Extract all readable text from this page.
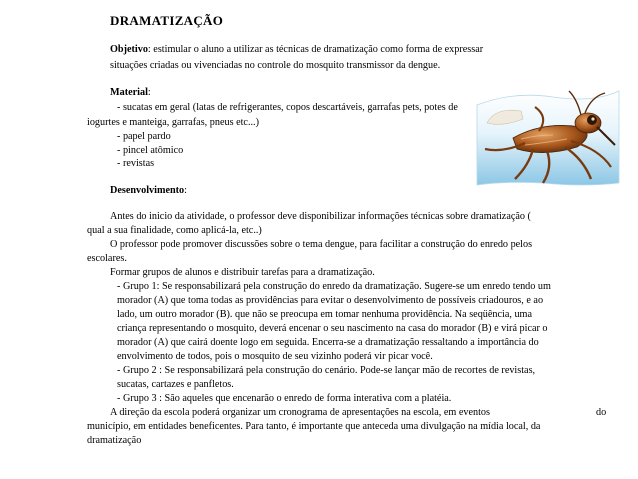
DRAMATIZAÇÃO
Objetivo: estimular o aluno a utilizar as técnicas de dramatização como forma de expressar
situações criadas ou vivenciadas no controle do mosquito transmissor da dengue.
Material:
- sucatas em geral (latas de refrigerantes, copos descartáveis, garrafas pets, potes de
iogurtes e manteiga, garrafas, pneus etc...)
- papel pardo
- pincel atômico
- revistas
Desenvolvimento:
Antes do inicio da atividade, o professor deve disponibilizar informações técnicas sobre dramatização (
qual a sua finalidade, como aplicá-la, etc..)
O professor pode promover discussões sobre o tema dengue, para facilitar a construção do enredo pelos
escolares.
Formar grupos de alunos e distribuir tarefas para a dramatização.
- Grupo 1: Se responsabilizará pela construção do enredo da dramatização. Sugere-se um enredo tendo um
morador (A) que toma todas as providências para evitar o desenvolvimento de possíveis criadouros, e ao
lado, um outro morador (B). que não se preocupa em tomar nenhuma providência. Na seqüência, uma
criança representando o mosquito, deverá encenar o seu nascimento na casa do morador (B) e virá picar o
morador (A) que cairá doente logo em seguida. Encerra-se a dramatização ressaltando a importância do
envolvimento de todos, pois o mosquito de seu vizinho poderá vir picar você.
- Grupo 2 : Se responsabilizará pela construção do cenário. Pode-se lançar mão de recortes de revistas,
sucatas, cartazes e panfletos.
- Grupo 3 : São aqueles que encenarão o enredo de forma interativa com a platéia.
A direção da escola poderá organizar um cronograma de apresentações na escola, em eventos	do
município, em entidades beneficentes. Para tanto, é importante que anteceda uma divulgação na mídia local, da
dramatização
